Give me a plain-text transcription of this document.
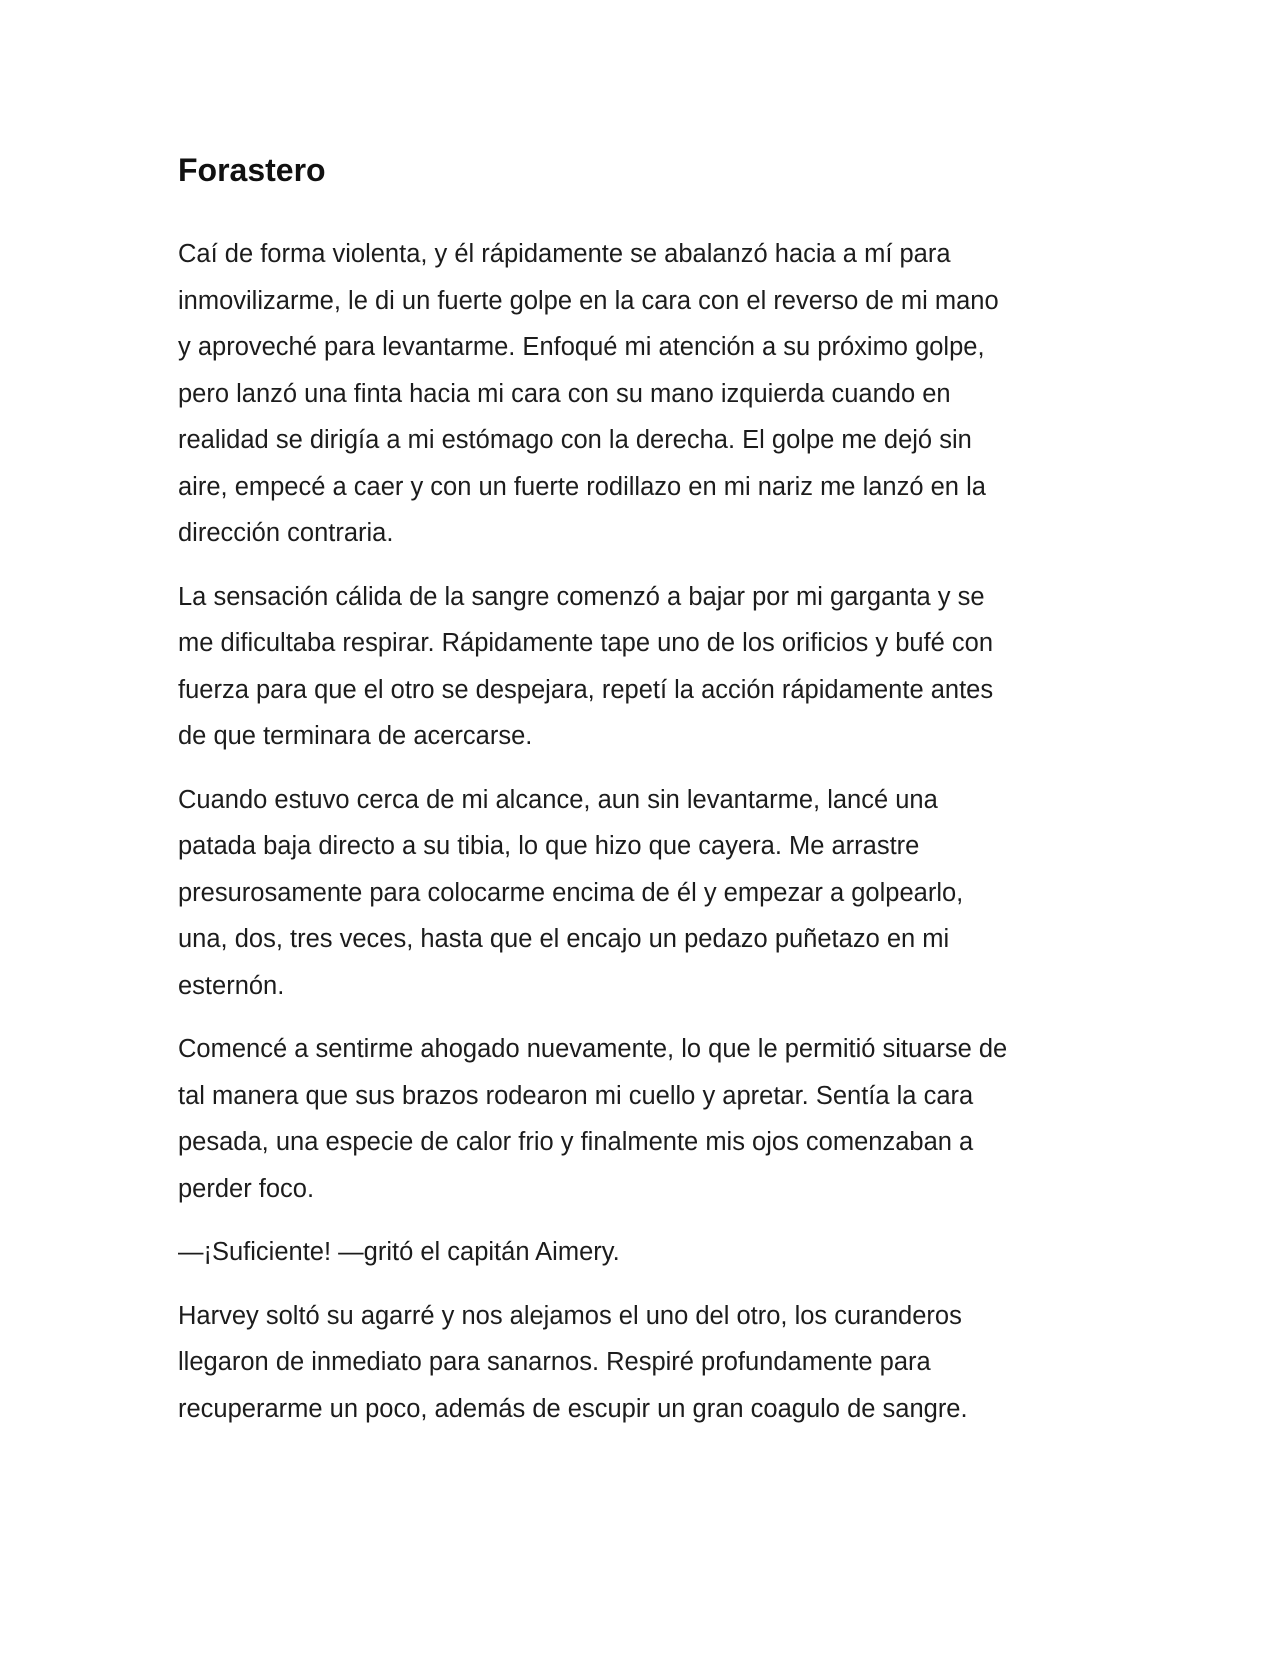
Forastero

Caí de forma violenta, y él rápidamente se abalanzó hacia a mí para
inmovilizarme, le di un fuerte golpe en la cara con el reverso de mi mano
y aproveché para levantarme. Enfoqué mi atención a su próximo golpe,
pero lanzó una finta hacia mi cara con su mano izquierda cuando en
realidad se dirigía a mi estómago con la derecha. El golpe me dejó sin
aire, empecé a caer y con un fuerte rodillazo en mi nariz me lanzó en la
dirección contraria.

La sensación cálida de la sangre comenzó a bajar por mi garganta y se
me dificultaba respirar. Rápidamente tape uno de los orificios y bufé con
fuerza para que el otro se despejara, repetí la acción rápidamente antes
de que terminara de acercarse.

Cuando estuvo cerca de mi alcance, aun sin levantarme, lancé una
patada baja directo a su tibia, lo que hizo que cayera. Me arrastre
presurosamente para colocarme encima de él y empezar a golpearlo,
una, dos, tres veces, hasta que el encajo un pedazo puñetazo en mi
esternón.

Comencé a sentirme ahogado nuevamente, lo que le permitió situarse de
tal manera que sus brazos rodearon mi cuello y apretar. Sentía la cara
pesada, una especie de calor frio y finalmente mis ojos comenzaban a
perder foco.

—¡Suficiente! —gritó el capitán Aimery.

Harvey soltó su agarré y nos alejamos el uno del otro, los curanderos
llegaron de inmediato para sanarnos. Respiré profundamente para
recuperarme un poco, además de escupir un gran coagulo de sangre.
